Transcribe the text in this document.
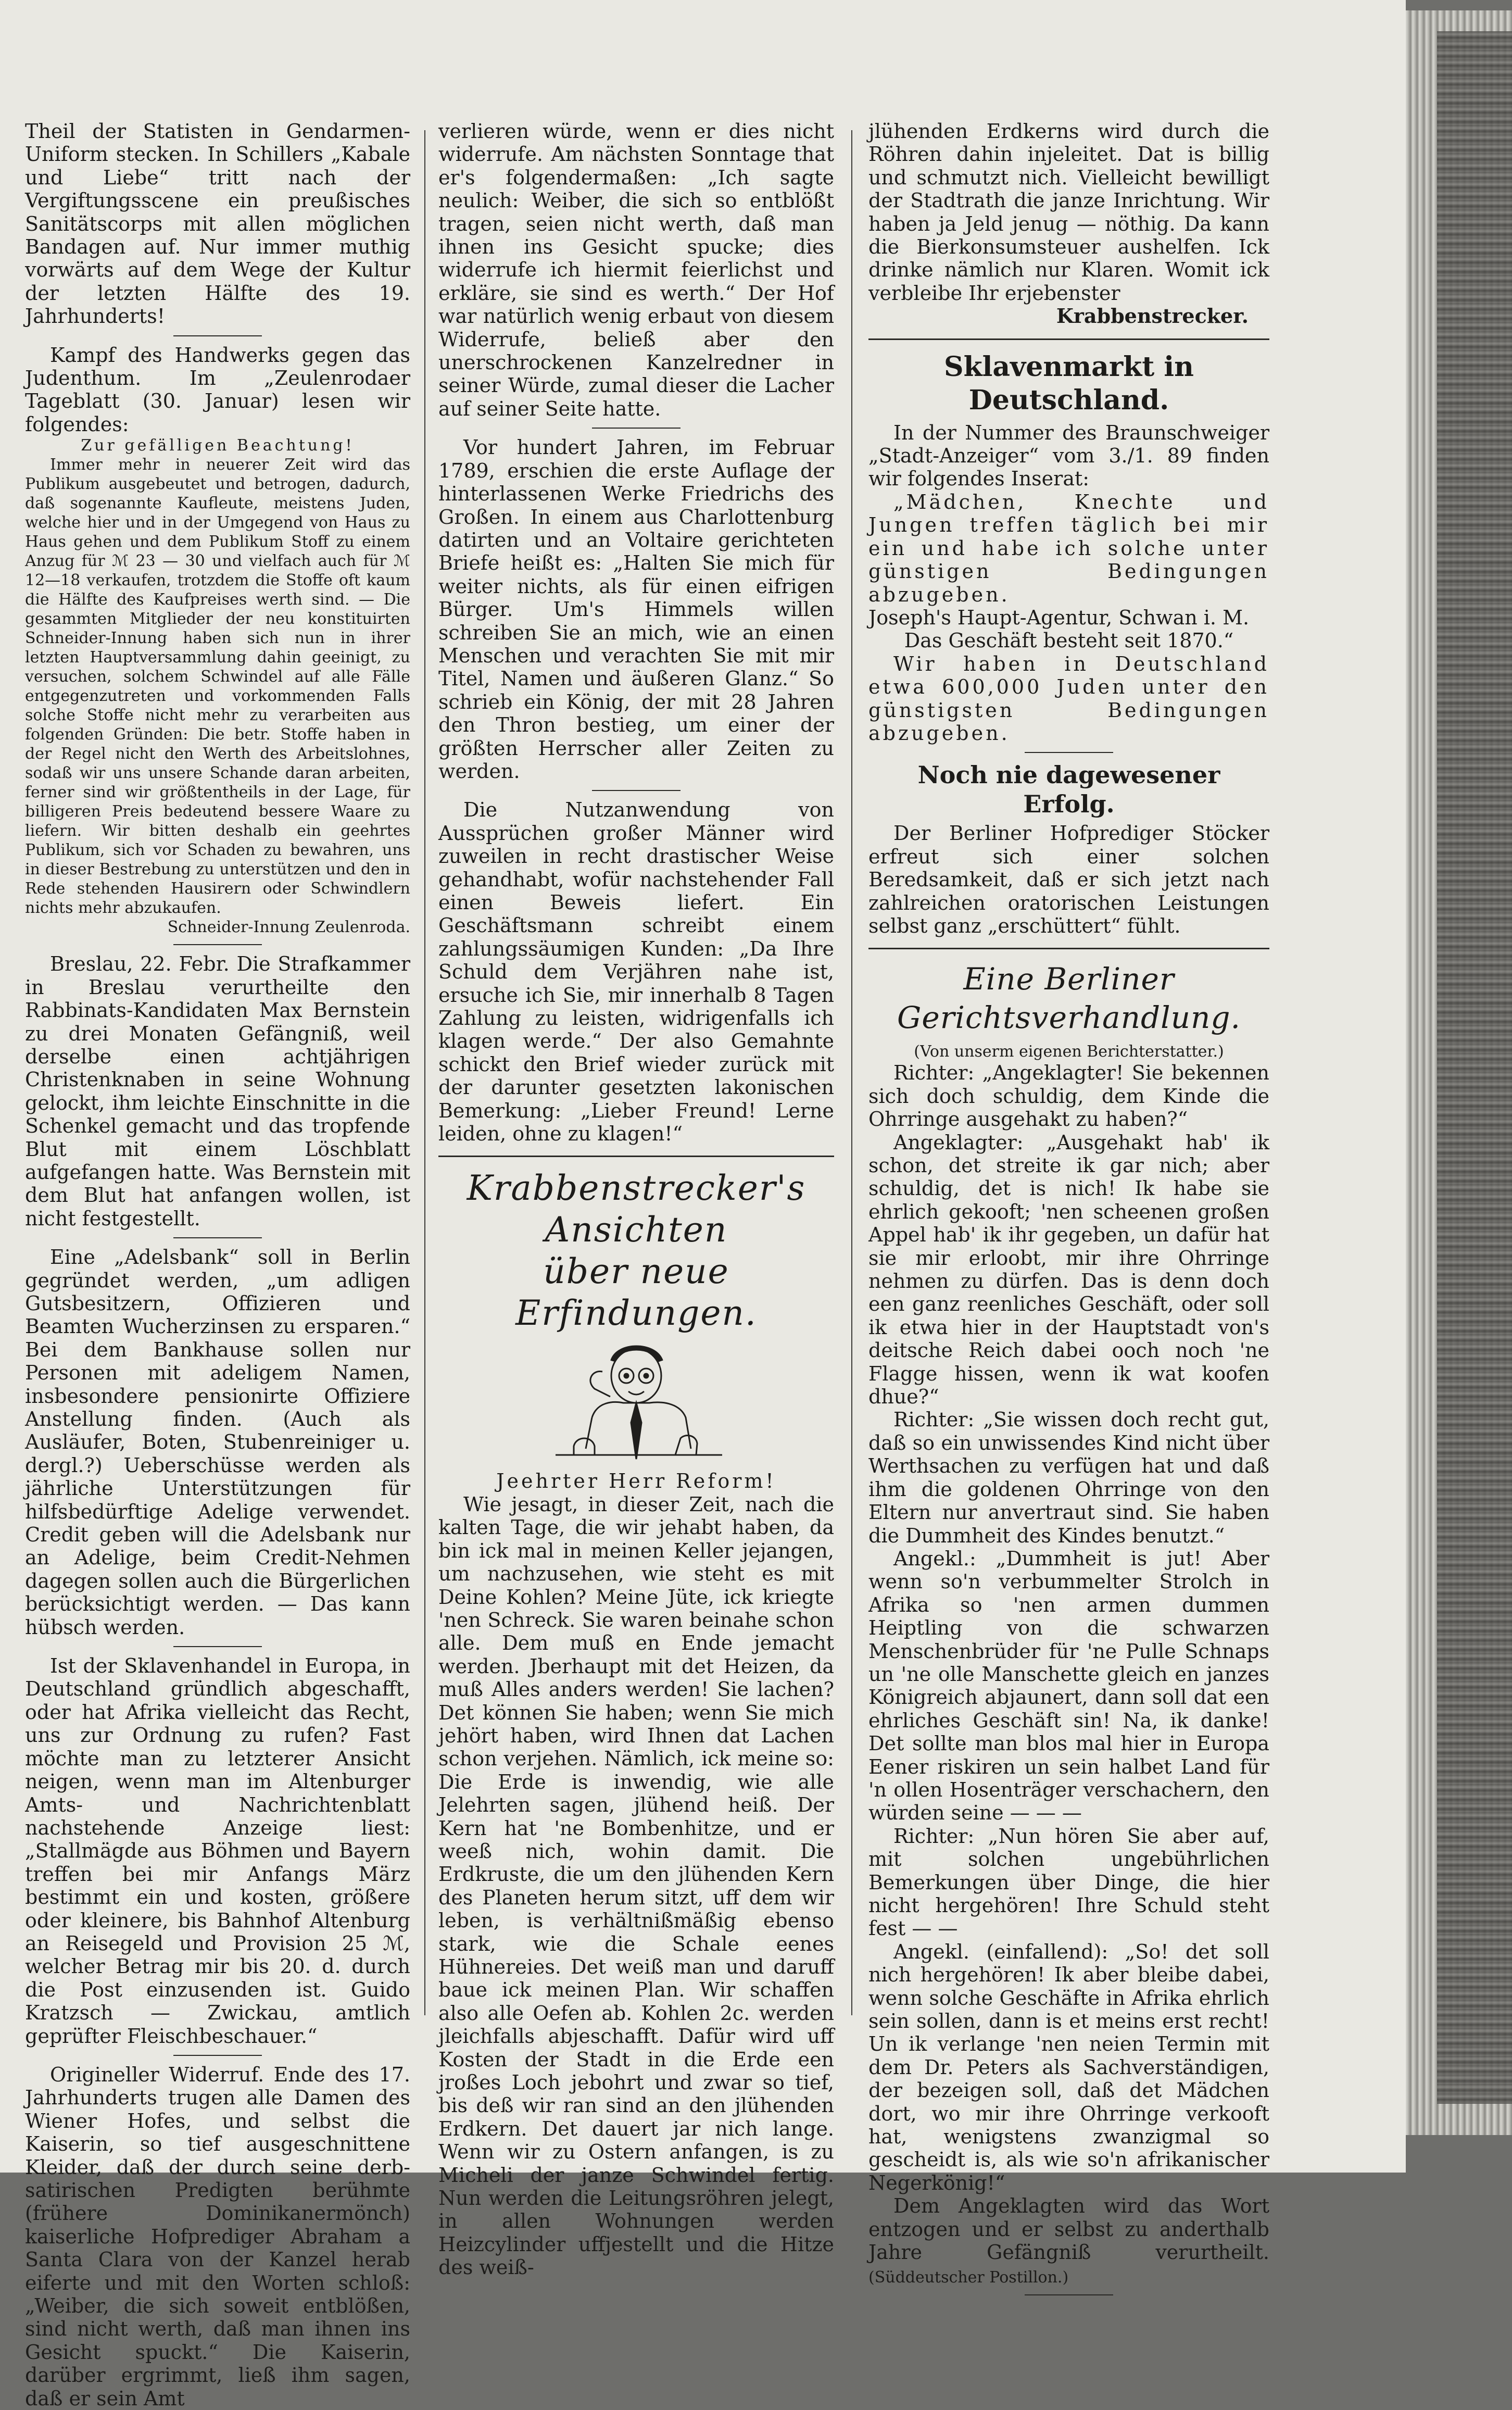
Theil der Statisten in Gendarmen-Uniform stecken. In Schillers „Kabale und Liebe“ tritt nach der Vergiftungsscene ein preußisches Sanitätscorps mit allen möglichen Bandagen auf. Nur immer muthig vorwärts auf dem Wege der Kultur der letzten Hälfte des 19. Jahrhunderts!

Kampf des Handwerks gegen das Judenthum. Im „Zeulenrodaer Tageblatt (30. Januar) lesen wir folgendes:

Zur gefälligen Beachtung!

Immer mehr in neuerer Zeit wird das Publikum ausgebeutet und betrogen, dadurch, daß sogenannte Kaufleute, meistens Juden, welche hier und in der Umgegend von Haus zu Haus gehen und dem Publikum Stoff zu einem Anzug für ℳ 23 — 30 und vielfach auch für ℳ 12—18 verkaufen, trotzdem die Stoffe oft kaum die Hälfte des Kaufpreises werth sind. — Die gesammten Mitglieder der neu konstituirten Schneider-Innung haben sich nun in ihrer letzten Hauptversammlung dahin geeinigt, zu versuchen, solchem Schwindel auf alle Fälle entgegenzutreten und vorkommenden Falls solche Stoffe nicht mehr zu verarbeiten aus folgenden Gründen: Die betr. Stoffe haben in der Regel nicht den Werth des Arbeitslohnes, sodaß wir uns unsere Schande daran arbeiten, ferner sind wir größtentheils in der Lage, für billigeren Preis bedeutend bessere Waare zu liefern. Wir bitten deshalb ein geehrtes Publikum, sich vor Schaden zu bewahren, uns in dieser Bestrebung zu unterstützen und den in Rede stehenden Hausirern oder Schwindlern nichts mehr abzukaufen.

Schneider-Innung Zeulenroda.

Breslau, 22. Febr. Die Strafkammer in Breslau verurtheilte den Rabbinats-Kandidaten Max Bernstein zu drei Monaten Gefängniß, weil derselbe einen achtjährigen Christenknaben in seine Wohnung gelockt, ihm leichte Einschnitte in die Schenkel gemacht und das tropfende Blut mit einem Löschblatt aufgefangen hatte. Was Bernstein mit dem Blut hat anfangen wollen, ist nicht festgestellt.

Eine „Adelsbank“ soll in Berlin gegründet werden, „um adligen Gutsbesitzern, Offizieren und Beamten Wucherzinsen zu ersparen.“ Bei dem Bankhause sollen nur Personen mit adeligem Namen, insbesondere pensionirte Offiziere Anstellung finden. (Auch als Ausläufer, Boten, Stubenreiniger u. dergl.?) Ueberschüsse werden als jährliche Unterstützungen für hilfsbedürftige Adelige verwendet. Credit geben will die Adelsbank nur an Adelige, beim Credit-Nehmen dagegen sollen auch die Bürgerlichen berücksichtigt werden. — Das kann hübsch werden.

Ist der Sklavenhandel in Europa, in Deutschland gründlich abgeschafft, oder hat Afrika vielleicht das Recht, uns zur Ordnung zu rufen? Fast möchte man zu letzterer Ansicht neigen, wenn man im Altenburger Amts- und Nachrichtenblatt nachstehende Anzeige liest: „Stallmägde aus Böhmen und Bayern treffen bei mir Anfangs März bestimmt ein und kosten, größere oder kleinere, bis Bahnhof Altenburg an Reisegeld und Provision 25 ℳ, welcher Betrag mir bis 20. d. durch die Post einzusenden ist. Guido Kratzsch — Zwickau, amtlich geprüfter Fleischbeschauer.“

Origineller Widerruf. Ende des 17. Jahrhunderts trugen alle Damen des Wiener Hofes, und selbst die Kaiserin, so tief ausgeschnittene Kleider, daß der durch seine derb-satirischen Predigten berühmte (frühere Dominikanermönch) kaiserliche Hofprediger Abraham a Santa Clara von der Kanzel herab eiferte und mit den Worten schloß: „Weiber, die sich soweit entblößen, sind nicht werth, daß man ihnen ins Gesicht spuckt.“ Die Kaiserin, darüber ergrimmt, ließ ihm sagen, daß er sein Amt

verlieren würde, wenn er dies nicht widerrufe. Am nächsten Sonntage that er's folgendermaßen: „Ich sagte neulich: Weiber, die sich so entblößt tragen, seien nicht werth, daß man ihnen ins Gesicht spucke; dies widerrufe ich hiermit feierlichst und erkläre, sie sind es werth.“ Der Hof war natürlich wenig erbaut von diesem Widerrufe, beließ aber den unerschrockenen Kanzelredner in seiner Würde, zumal dieser die Lacher auf seiner Seite hatte.

Vor hundert Jahren, im Februar 1789, erschien die erste Auflage der hinterlassenen Werke Friedrichs des Großen. In einem aus Charlottenburg datirten und an Voltaire gerichteten Briefe heißt es: „Halten Sie mich für weiter nichts, als für einen eifrigen Bürger. Um's Himmels willen schreiben Sie an mich, wie an einen Menschen und verachten Sie mit mir Titel, Namen und äußeren Glanz.“ So schrieb ein König, der mit 28 Jahren den Thron bestieg, um einer der größten Herrscher aller Zeiten zu werden.

Die Nutzanwendung von Aussprüchen großer Männer wird zuweilen in recht drastischer Weise gehandhabt, wofür nachstehender Fall einen Beweis liefert. Ein Geschäftsmann schreibt einem zahlungssäumigen Kunden: „Da Ihre Schuld dem Verjähren nahe ist, ersuche ich Sie, mir innerhalb 8 Tagen Zahlung zu leisten, widrigenfalls ich klagen werde.“ Der also Gemahnte schickt den Brief wieder zurück mit der darunter gesetzten lakonischen Bemerkung: „Lieber Freund! Lerne leiden, ohne zu klagen!“

Krabbenstrecker's Ansichten
über neue Erfindungen.

Jeehrter Herr Reform!

Wie jesagt, in dieser Zeit, nach die kalten Tage, die wir jehabt haben, da bin ick mal in meinen Keller jejangen, um nachzusehen, wie steht es mit Deine Kohlen? Meine Jüte, ick kriegte 'nen Schreck. Sie waren beinahe schon alle. Dem muß en Ende jemacht werden. Jberhaupt mit det Heizen, da muß Alles anders werden! Sie lachen? Det können Sie haben; wenn Sie mich jehört haben, wird Ihnen dat Lachen schon verjehen. Nämlich, ick meine so: Die Erde is inwendig, wie alle Jelehrten sagen, jlühend heiß. Der Kern hat 'ne Bombenhitze, und er weeß nich, wohin damit. Die Erdkruste, die um den jlühenden Kern des Planeten herum sitzt, uff dem wir leben, is verhältnißmäßig ebenso stark, wie die Schale eenes Hühnereies. Det weiß man und daruff baue ick meinen Plan. Wir schaffen also alle Oefen ab. Kohlen 2c. werden jleichfalls abjeschafft. Dafür wird uff Kosten der Stadt in die Erde een jroßes Loch jebohrt und zwar so tief, bis deß wir ran sind an den jlühenden Erdkern. Det dauert jar nich lange. Wenn wir zu Ostern anfangen, is zu Micheli der janze Schwindel fertig. Nun werden die Leitungsröhren jelegt, in allen Wohnungen werden Heizcylinder uffjestellt und die Hitze des weiß-

jlühenden Erdkerns wird durch die Röhren dahin injeleitet. Dat is billig und schmutzt nich. Vielleicht bewilligt der Stadtrath die janze Inrichtung. Wir haben ja Jeld jenug — nöthig. Da kann die Bierkonsumsteuer aushelfen. Ick drinke nämlich nur Klaren. Womit ick verbleibe Ihr erjebenster

Krabbenstrecker.

Sklavenmarkt in Deutschland.

In der Nummer des Braunschweiger „Stadt-Anzeiger“ vom 3./1. 89 finden wir folgendes Inserat:

„Mädchen, Knechte und Jungen treffen täglich bei mir ein und habe ich solche unter günstigen Bedingungen abzugeben.

Joseph's Haupt-Agentur, Schwan i. M.

Das Geschäft besteht seit 1870.“

Wir haben in Deutschland etwa 600,000 Juden unter den günstigsten Bedingungen abzugeben.

Noch nie dagewesener Erfolg.

Der Berliner Hofprediger Stöcker erfreut sich einer solchen Beredsamkeit, daß er sich jetzt nach zahlreichen oratorischen Leistungen selbst ganz „erschüttert“ fühlt.

Eine Berliner Gerichtsverhandlung.

(Von unserm eigenen Berichterstatter.)

Richter: „Angeklagter! Sie bekennen sich doch schuldig, dem Kinde die Ohrringe ausgehakt zu haben?“

Angeklagter: „Ausgehakt hab' ik schon, det streite ik gar nich; aber schuldig, det is nich! Ik habe sie ehrlich gekooft; 'nen scheenen großen Appel hab' ik ihr gegeben, un dafür hat sie mir erloobt, mir ihre Ohrringe nehmen zu dürfen. Das is denn doch een ganz reenliches Geschäft, oder soll ik etwa hier in der Hauptstadt von's deitsche Reich dabei ooch noch 'ne Flagge hissen, wenn ik wat koofen dhue?“

Richter: „Sie wissen doch recht gut, daß so ein unwissendes Kind nicht über Werthsachen zu verfügen hat und daß ihm die goldenen Ohrringe von den Eltern nur anvertraut sind. Sie haben die Dummheit des Kindes benutzt.“

Angekl.: „Dummheit is jut! Aber wenn so'n verbummelter Strolch in Afrika so 'nen armen dummen Heiptling von die schwarzen Menschenbrüder für 'ne Pulle Schnaps un 'ne olle Manschette gleich en janzes Königreich abjaunert, dann soll dat een ehrliches Geschäft sin! Na, ik danke! Det sollte man blos mal hier in Europa Eener riskiren un sein halbet Land für 'n ollen Hosenträger verschachern, den würden seine — — —

Richter: „Nun hören Sie aber auf, mit solchen ungebührlichen Bemerkungen über Dinge, die hier nicht hergehören! Ihre Schuld steht fest — —

Angekl. (einfallend): „So! det soll nich hergehören! Ik aber bleibe dabei, wenn solche Geschäfte in Afrika ehrlich sein sollen, dann is et meins erst recht! Un ik verlange 'nen neien Termin mit dem Dr. Peters als Sachverständigen, der bezeigen soll, daß det Mädchen dort, wo mir ihre Ohrringe verkooft hat, wenigstens zwanzigmal so gescheidt is, als wie so'n afrikanischer Negerkönig!“

Dem Angeklagten wird das Wort entzogen und er selbst zu anderthalb Jahre Gefängniß verurtheilt. (Süddeutscher Postillon.)
